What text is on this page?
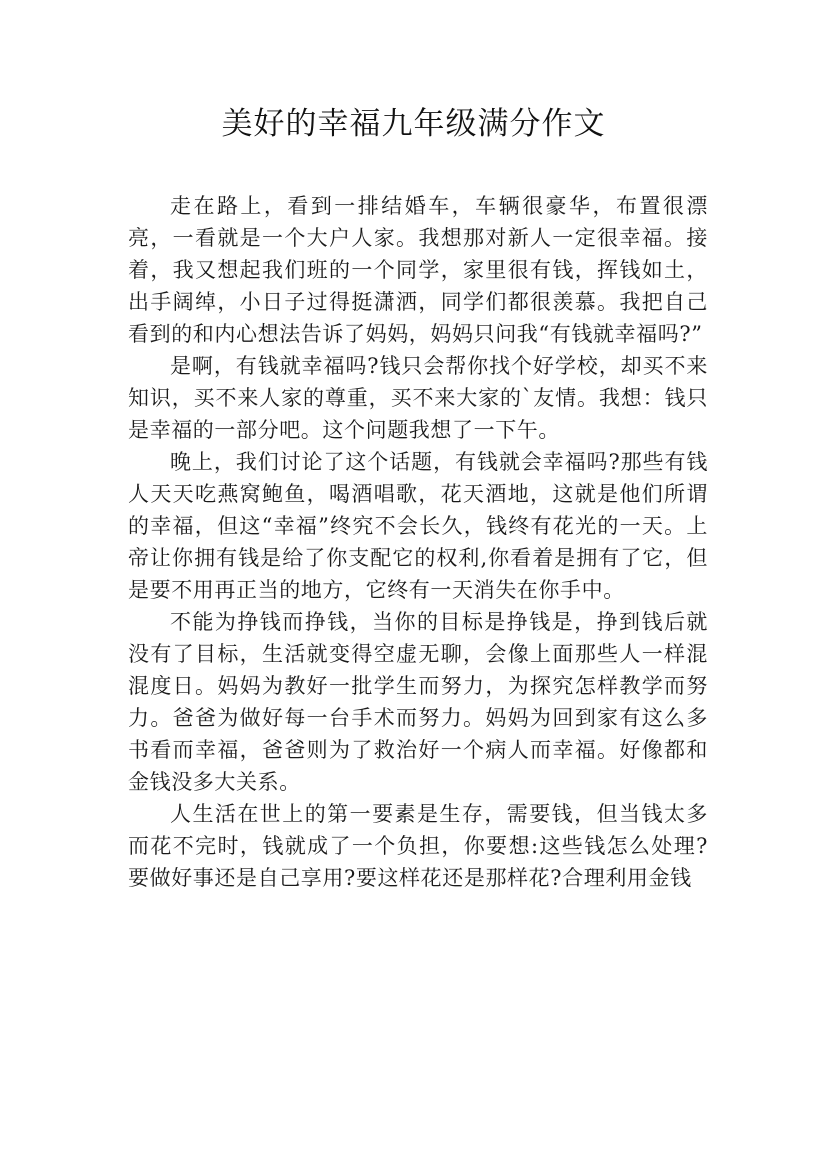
美好的幸福九年级满分作文

走在路上，看到一排结婚车，车辆很豪华，布置很漂亮，一看就是一个大户人家。我想那对新人一定很幸福。接着，我又想起我们班的一个同学，家里很有钱，挥钱如土，出手阔绰，小日子过得挺潇洒，同学们都很羡慕。我把自己看到的和内心想法告诉了妈妈，妈妈只问我“有钱就幸福吗?”

是啊，有钱就幸福吗?钱只会帮你找个好学校，却买不来知识，买不来人家的尊重，买不来大家的`友情。我想：钱只是幸福的一部分吧。这个问题我想了一下午。

晚上，我们讨论了这个话题，有钱就会幸福吗?那些有钱人天天吃燕窝鲍鱼，喝酒唱歌，花天酒地，这就是他们所谓的幸福，但这“幸福”终究不会长久，钱终有花光的一天。上帝让你拥有钱是给了你支配它的权利,你看着是拥有了它，但是要不用再正当的地方，它终有一天消失在你手中。

不能为挣钱而挣钱，当你的目标是挣钱是，挣到钱后就没有了目标，生活就变得空虚无聊，会像上面那些人一样混混度日。妈妈为教好一批学生而努力，为探究怎样教学而努力。爸爸为做好每一台手术而努力。妈妈为回到家有这么多书看而幸福，爸爸则为了救治好一个病人而幸福。好像都和金钱没多大关系。

人生活在世上的第一要素是生存，需要钱，但当钱太多而花不完时，钱就成了一个负担，你要想:这些钱怎么处理?要做好事还是自己享用?要这样花还是那样花?合理利用金钱
